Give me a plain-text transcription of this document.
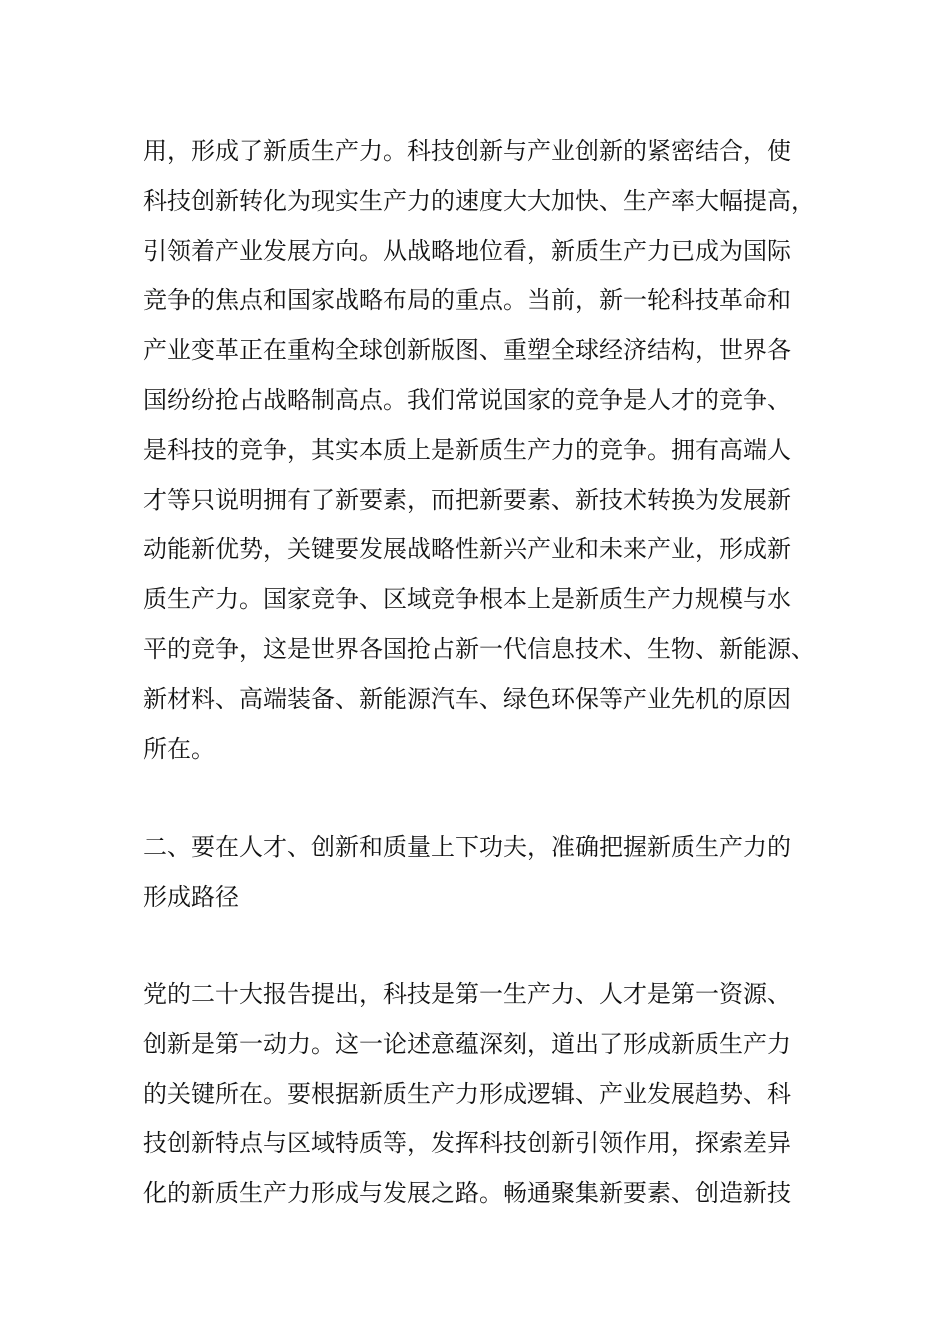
用，形成了新质生产力。科技创新与产业创新的紧密结合，使
科技创新转化为现实生产力的速度大大加快、生产率大幅提高，
引领着产业发展方向。从战略地位看，新质生产力已成为国际
竞争的焦点和国家战略布局的重点。当前，新一轮科技革命和
产业变革正在重构全球创新版图、重塑全球经济结构，世界各
国纷纷抢占战略制高点。我们常说国家的竞争是人才的竞争、
是科技的竞争，其实本质上是新质生产力的竞争。拥有高端人
才等只说明拥有了新要素，而把新要素、新技术转换为发展新
动能新优势，关键要发展战略性新兴产业和未来产业，形成新
质生产力。国家竞争、区域竞争根本上是新质生产力规模与水
平的竞争，这是世界各国抢占新一代信息技术、生物、新能源、
新材料、高端装备、新能源汽车、绿色环保等产业先机的原因
所在。
二、要在人才、创新和质量上下功夫，准确把握新质生产力的
形成路径
党的二十大报告提出，科技是第一生产力、人才是第一资源、
创新是第一动力。这一论述意蕴深刻，道出了形成新质生产力
的关键所在。要根据新质生产力形成逻辑、产业发展趋势、科
技创新特点与区域特质等，发挥科技创新引领作用，探索差异
化的新质生产力形成与发展之路。畅通聚集新要素、创造新技
